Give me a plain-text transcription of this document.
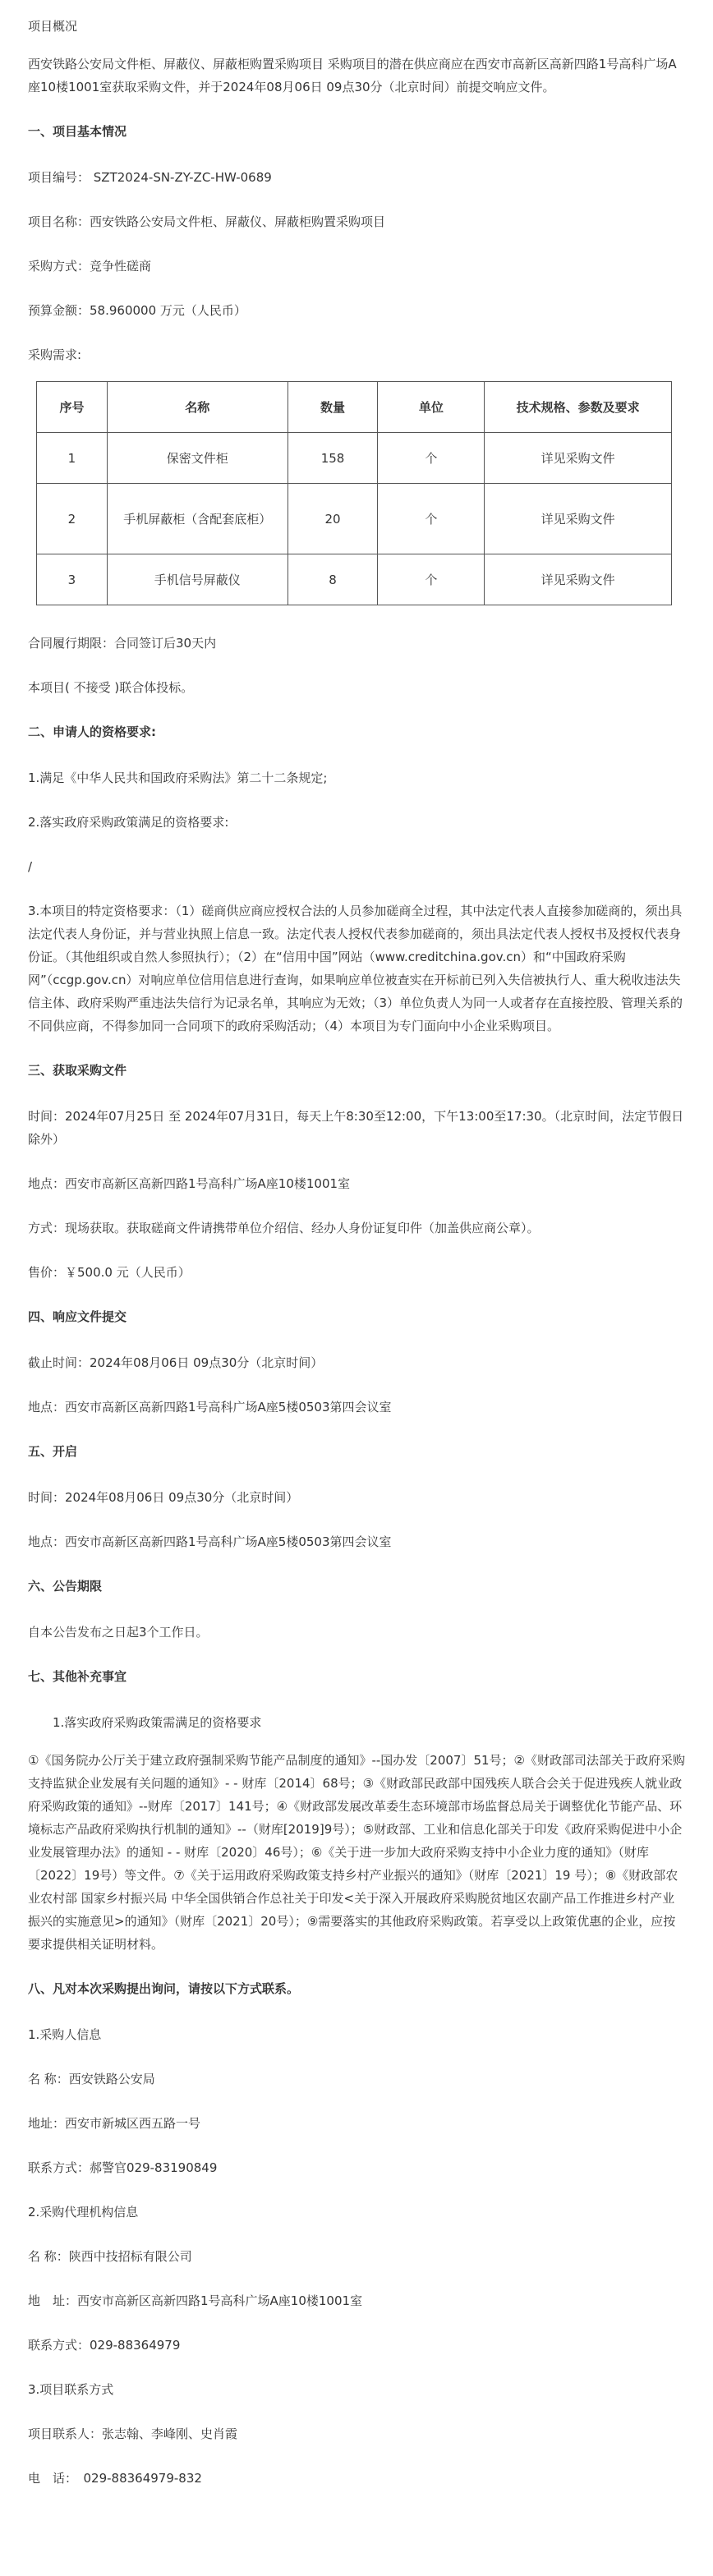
项目概况
西安铁路公安局文件柜、屏蔽仪、屏蔽柜购置采购项目 采购项目的潜在供应商应在西安市高新区高新四路1号高科广场A座10楼1001室获取采购文件，并于2024年08月06日 09点30分（北京时间）前提交响应文件。
一、项目基本情况
项目编号： SZT2024-SN-ZY-ZC-HW-0689
项目名称：西安铁路公安局文件柜、屏蔽仪、屏蔽柜购置采购项目
采购方式：竞争性磋商
预算金额：58.960000 万元（人民币）
采购需求:
序号	名称	数量	单位	技术规格、参数及要求
1	保密文件柜	158	个	详见采购文件
2	手机屏蔽柜（含配套底柜）	20	个	详见采购文件
3	手机信号屏蔽仪	8	个	详见采购文件
合同履行期限：合同签订后30天内
本项目( 不接受 )联合体投标。
二、申请人的资格要求:
1.满足《中华人民共和国政府采购法》第二十二条规定;
2.落实政府采购政策满足的资格要求:
/
3.本项目的特定资格要求：（1）磋商供应商应授权合法的人员参加磋商全过程，其中法定代表人直接参加磋商的，须出具法定代表人身份证，并与营业执照上信息一致。法定代表人授权代表参加磋商的，须出具法定代表人授权书及授权代表身份证。（其他组织或自然人参照执行）；（2）在“信用中国”网站（www.creditchina.gov.cn）和“中国政府采购网”（ccgp.gov.cn）对响应单位信用信息进行查询，如果响应单位被查实在开标前已列入失信被执行人、重大税收违法失信主体、政府采购严重违法失信行为记录名单，其响应为无效；（3）单位负责人为同一人或者存在直接控股、管理关系的不同供应商，不得参加同一合同项下的政府采购活动；（4）本项目为专门面向中小企业采购项目。
三、获取采购文件
时间：2024年07月25日 至 2024年07月31日，每天上午8:30至12:00，下午13:00至17:30。（北京时间，法定节假日除外）
地点：西安市高新区高新四路1号高科广场A座10楼1001室
方式：现场获取。获取磋商文件请携带单位介绍信、经办人身份证复印件（加盖供应商公章）。
售价：￥500.0 元（人民币）
四、响应文件提交
截止时间：2024年08月06日 09点30分（北京时间）
地点：西安市高新区高新四路1号高科广场A座5楼0503第四会议室
五、开启
时间：2024年08月06日 09点30分（北京时间）
地点：西安市高新区高新四路1号高科广场A座5楼0503第四会议室
六、公告期限
自本公告发布之日起3个工作日。
七、其他补充事宜
1.落实政府采购政策需满足的资格要求
①《国务院办公厅关于建立政府强制采购节能产品制度的通知》--国办发〔2007〕51号；②《财政部司法部关于政府采购支持监狱企业发展有关问题的通知》- - 财库〔2014〕68号；③《财政部民政部中国残疾人联合会关于促进残疾人就业政府采购政策的通知》--财库〔2017〕141号；④《财政部发展改革委生态环境部市场监督总局关于调整优化节能产品、环境标志产品政府采购执行机制的通知》--（财库[2019]9号）；⑤财政部、工业和信息化部关于印发《政府采购促进中小企业发展管理办法》的通知 - - 财库〔2020〕46号）；⑥《关于进一步加大政府采购支持中小企业力度的通知》（财库〔2022〕19号）等文件。⑦《关于运用政府采购政策支持乡村产业振兴的通知》（财库〔2021〕19 号）；⑧《财政部农业农村部 国家乡村振兴局 中华全国供销合作总社关于印发<关于深入开展政府采购脱贫地区农副产品工作推进乡村产业振兴的实施意见>的通知》（财库〔2021〕20号）；⑨需要落实的其他政府采购政策。若享受以上政策优惠的企业，应按要求提供相关证明材料。
八、凡对本次采购提出询问，请按以下方式联系。
1.采购人信息
名 称：西安铁路公安局
地址：西安市新城区西五路一号
联系方式：郝警官029-83190849
2.采购代理机构信息
名 称：陕西中技招标有限公司
地　址：西安市高新区高新四路1号高科广场A座10楼1001室
联系方式：029-88364979
3.项目联系方式
项目联系人：张志翰、李峰刚、史肖霞
电　话：　029-88364979-832
